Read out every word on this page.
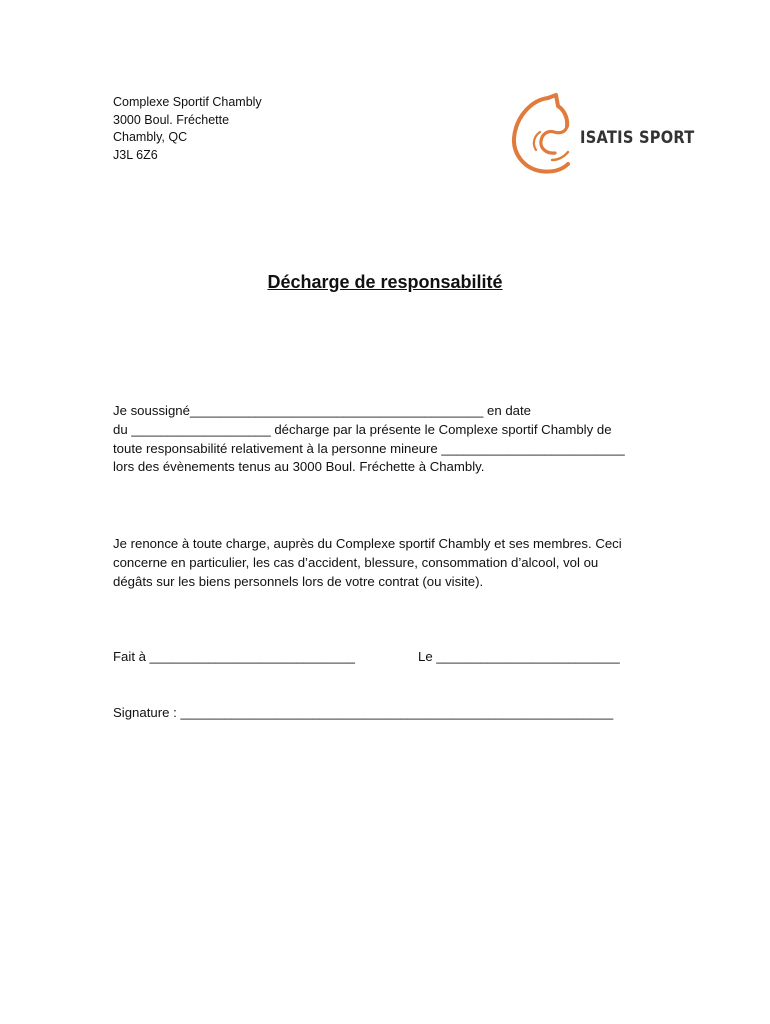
Complexe Sportif Chambly
3000 Boul. Fréchette
Chambly, QC
J3L 6Z6
ISATIS SPORT
Décharge de responsabilité
Je soussigné________________________________________ en date
du ___________________ décharge par la présente le Complexe sportif Chambly de
toute responsabilité relativement à la personne mineure _________________________
lors des évènements tenus au 3000 Boul. Fréchette à Chambly.
Je renonce à toute charge, auprès du Complexe sportif Chambly et ses membres. Ceci
concerne en particulier, les cas d’accident, blessure, consommation d’alcool, vol ou
dégâts sur les biens personnels lors de votre contrat (ou visite).
Fait à ____________________________	Le _________________________
Signature : ___________________________________________________________
